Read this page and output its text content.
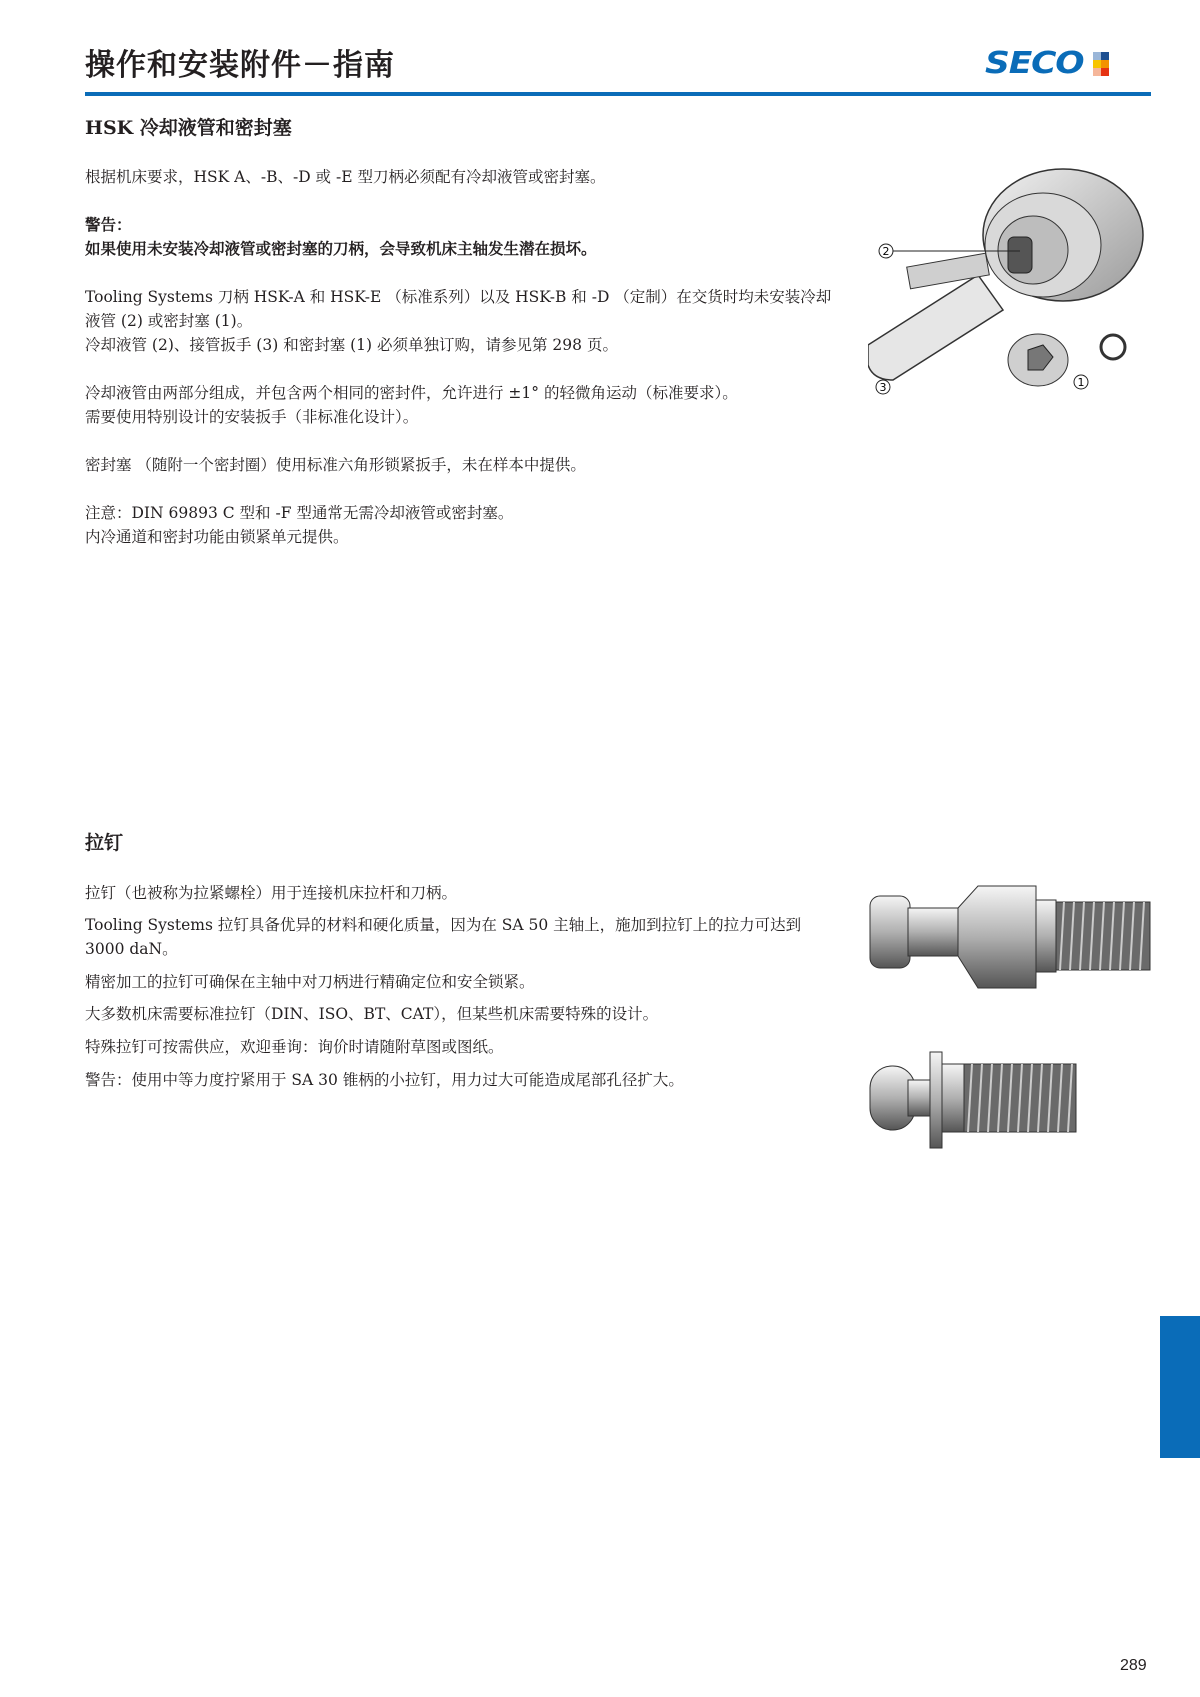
操作和安装附件－指南	SECO
HSK 冷却液管和密封塞
根据机床要求，HSK A、-B、-D 或 -E 型刀柄必须配有冷却液管或密封塞。
警告：
如果使用未安装冷却液管或密封塞的刀柄，会导致机床主轴发生潜在损坏。
Tooling Systems 刀柄 HSK-A 和 HSK-E （标准系列）以及 HSK-B 和 -D （定制）在交货时均未安装冷却液管 (2) 或密封塞 (1)。
冷却液管 (2)、接管扳手 (3) 和密封塞 (1) 必须单独订购，请参见第 298 页。
冷却液管由两部分组成，并包含两个相同的密封件，允许进行 ±1° 的轻微角运动（标准要求）。
需要使用特别设计的安装扳手（非标准化设计）。
密封塞 （随附一个密封圈）使用标准六角形锁紧扳手，未在样本中提供。
注意：DIN 69893 C 型和 -F 型通常无需冷却液管或密封塞。
内冷通道和密封功能由锁紧单元提供。
2
3	1
拉钉
拉钉（也被称为拉紧螺栓）用于连接机床拉杆和刀柄。
Tooling Systems 拉钉具备优异的材料和硬化质量，因为在 SA 50 主轴上，施加到拉钉上的拉力可达到 3000 daN。
精密加工的拉钉可确保在主轴中对刀柄进行精确定位和安全锁紧。
大多数机床需要标准拉钉（DIN、ISO、BT、CAT），但某些机床需要特殊的设计。
特殊拉钉可按需供应，欢迎垂询：询价时请随附草图或图纸。
警告：使用中等力度拧紧用于 SA 30 锥柄的小拉钉，用力过大可能造成尾部孔径扩大。
289
